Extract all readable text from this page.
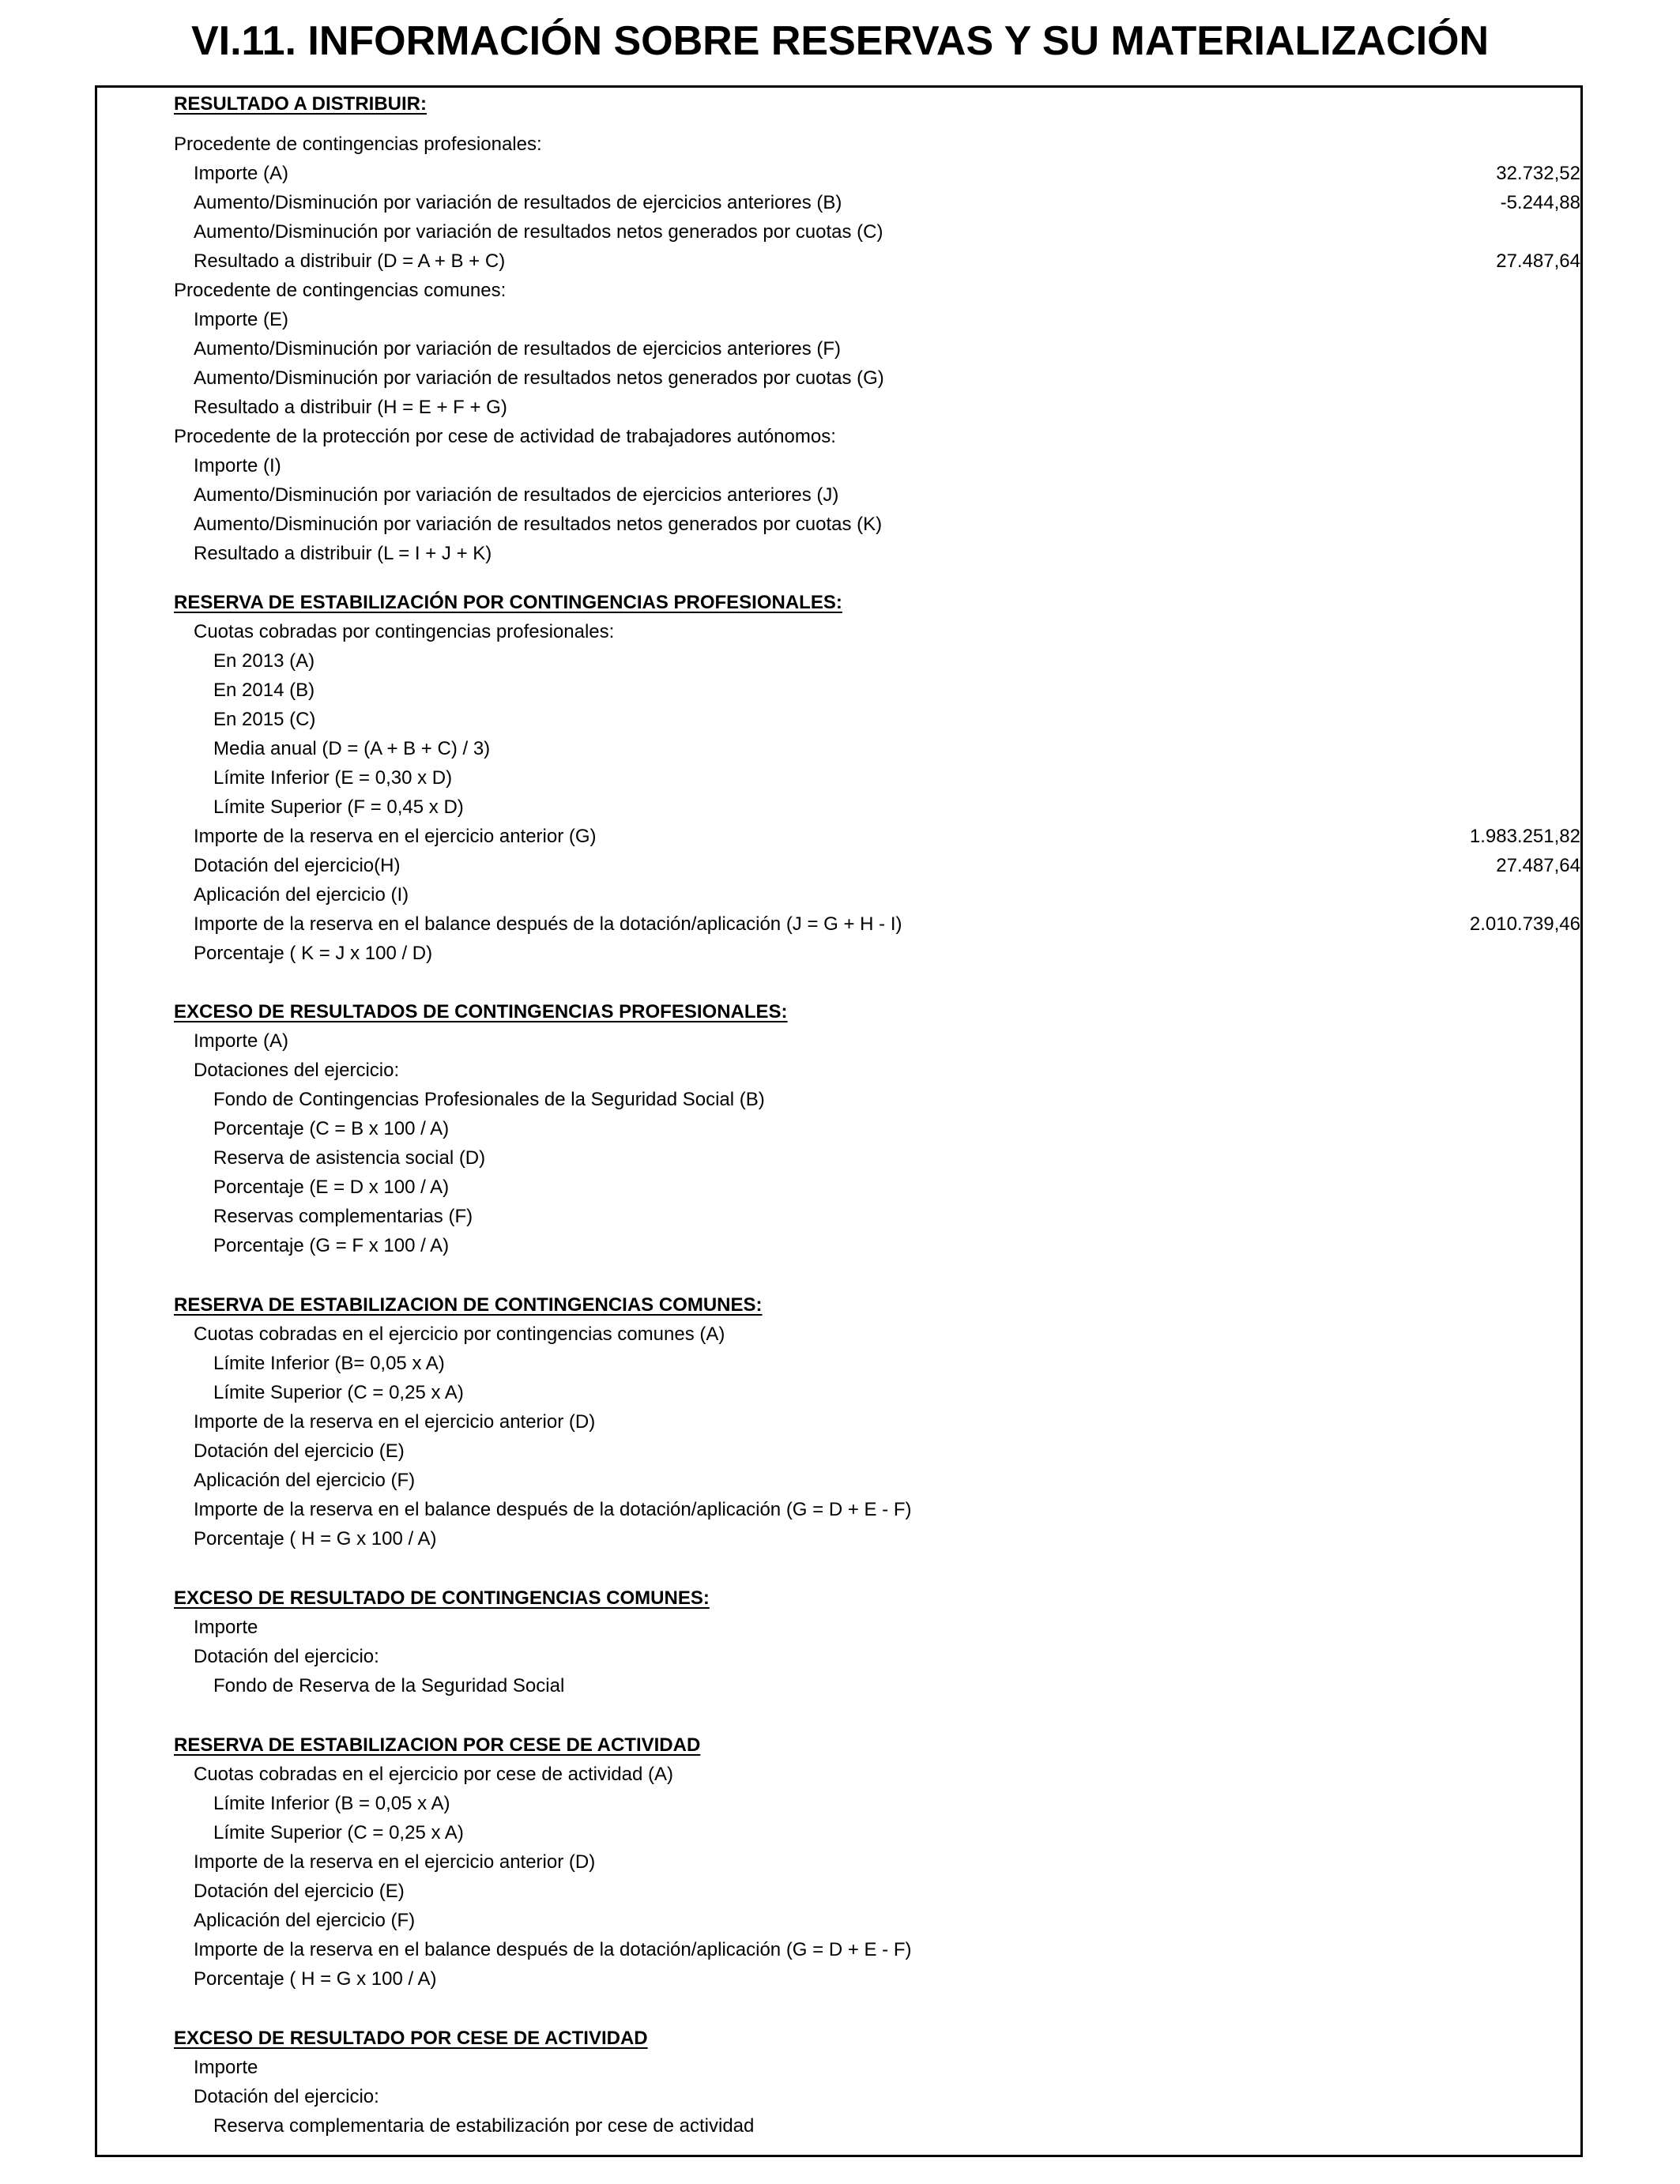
VI.11. INFORMACIÓN SOBRE RESERVAS Y SU MATERIALIZACIÓN
RESULTADO A DISTRIBUIR:
Procedente de contingencias profesionales:
Importe (A)	32.732,52
Aumento/Disminución por variación de resultados de ejercicios anteriores (B)	-5.244,88
Aumento/Disminución por variación de resultados netos generados por cuotas (C)
Resultado a distribuir (D = A + B + C)	27.487,64
Procedente de contingencias comunes:
Importe (E)
Aumento/Disminución por variación de resultados de ejercicios anteriores (F)
Aumento/Disminución por variación de resultados netos generados por cuotas (G)
Resultado a distribuir (H = E + F + G)
Procedente de la protección por cese de actividad de trabajadores autónomos:
Importe (I)
Aumento/Disminución por variación de resultados de ejercicios anteriores (J)
Aumento/Disminución por variación de resultados netos generados por cuotas (K)
Resultado a distribuir (L = I + J + K)
RESERVA DE ESTABILIZACIÓN POR CONTINGENCIAS PROFESIONALES:
Cuotas cobradas por contingencias profesionales:
En 2013 (A)
En 2014 (B)
En 2015 (C)
Media anual (D = (A + B + C) / 3)
Límite Inferior (E = 0,30 x D)
Límite Superior (F = 0,45 x D)
Importe de la reserva en el ejercicio anterior (G)	1.983.251,82
Dotación del ejercicio(H)	27.487,64
Aplicación del ejercicio (I)
Importe de la reserva en el balance después de la dotación/aplicación (J = G + H - I)	2.010.739,46
Porcentaje ( K = J x 100 / D)
EXCESO DE RESULTADOS DE CONTINGENCIAS PROFESIONALES:
Importe (A)
Dotaciones del ejercicio:
Fondo de Contingencias Profesionales de la Seguridad Social (B)
Porcentaje (C = B x 100 / A)
Reserva de asistencia social (D)
Porcentaje (E = D x 100 / A)
Reservas complementarias (F)
Porcentaje (G = F x 100 / A)
RESERVA DE ESTABILIZACION DE CONTINGENCIAS COMUNES:
Cuotas cobradas en el ejercicio por contingencias comunes (A)
Límite Inferior (B= 0,05 x A)
Límite Superior (C = 0,25 x A)
Importe de la reserva en el ejercicio anterior (D)
Dotación del ejercicio (E)
Aplicación del ejercicio (F)
Importe de la reserva en el balance después de la dotación/aplicación (G = D + E - F)
Porcentaje ( H = G x 100 / A)
EXCESO DE RESULTADO DE CONTINGENCIAS COMUNES:
Importe
Dotación del ejercicio:
Fondo de Reserva de la Seguridad Social
RESERVA DE ESTABILIZACION POR CESE DE ACTIVIDAD
Cuotas cobradas en el ejercicio por cese de actividad (A)
Límite Inferior (B = 0,05 x A)
Límite Superior (C = 0,25 x A)
Importe de la reserva en el ejercicio anterior (D)
Dotación del ejercicio (E)
Aplicación del ejercicio (F)
Importe de la reserva en el balance después de la dotación/aplicación (G = D + E - F)
Porcentaje ( H = G x 100 / A)
EXCESO DE RESULTADO POR CESE DE ACTIVIDAD
Importe
Dotación del ejercicio:
Reserva complementaria de estabilización por cese de actividad
